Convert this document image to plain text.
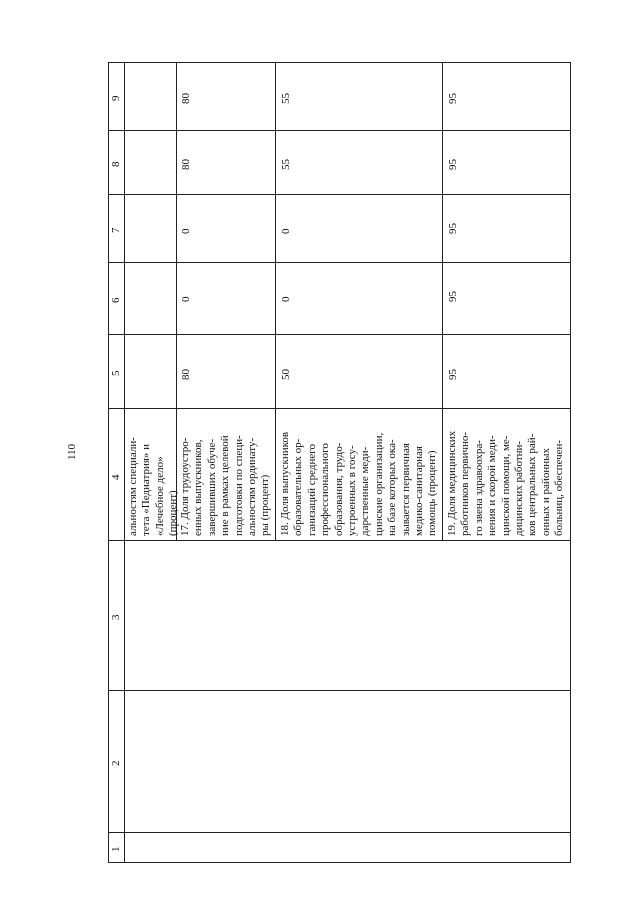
110
1
2
3
4
5
6
7
8
9
альностям специали-
тета «Педиатрия» и
«Лечебное дело»
(процент) 17. Доля трудоустро-
енных выпускников,
завершивших обуче-
ние в рамках целевой
подготовки по специ-
альностям ординату-
ры (процент)
80
0
0
80
80
18. Доля выпускников
образовательных ор-
ганизаций среднего
профессионального
образования, трудо-
устроенных в госу-
дарственные меди-
цинские организации,
на базе которых ока-
зывается первичная
медико-санитарная
помощь (процент)
50
0
0
55
55
19. Доля медицинских
работников первично-
го звена здравоохра-
нения и скорой меди-
цинской помощи, ме-
дицинских работни-
ков центральных рай-
онных и районных
больниц, обеспечен-
95
95
95
95
95
